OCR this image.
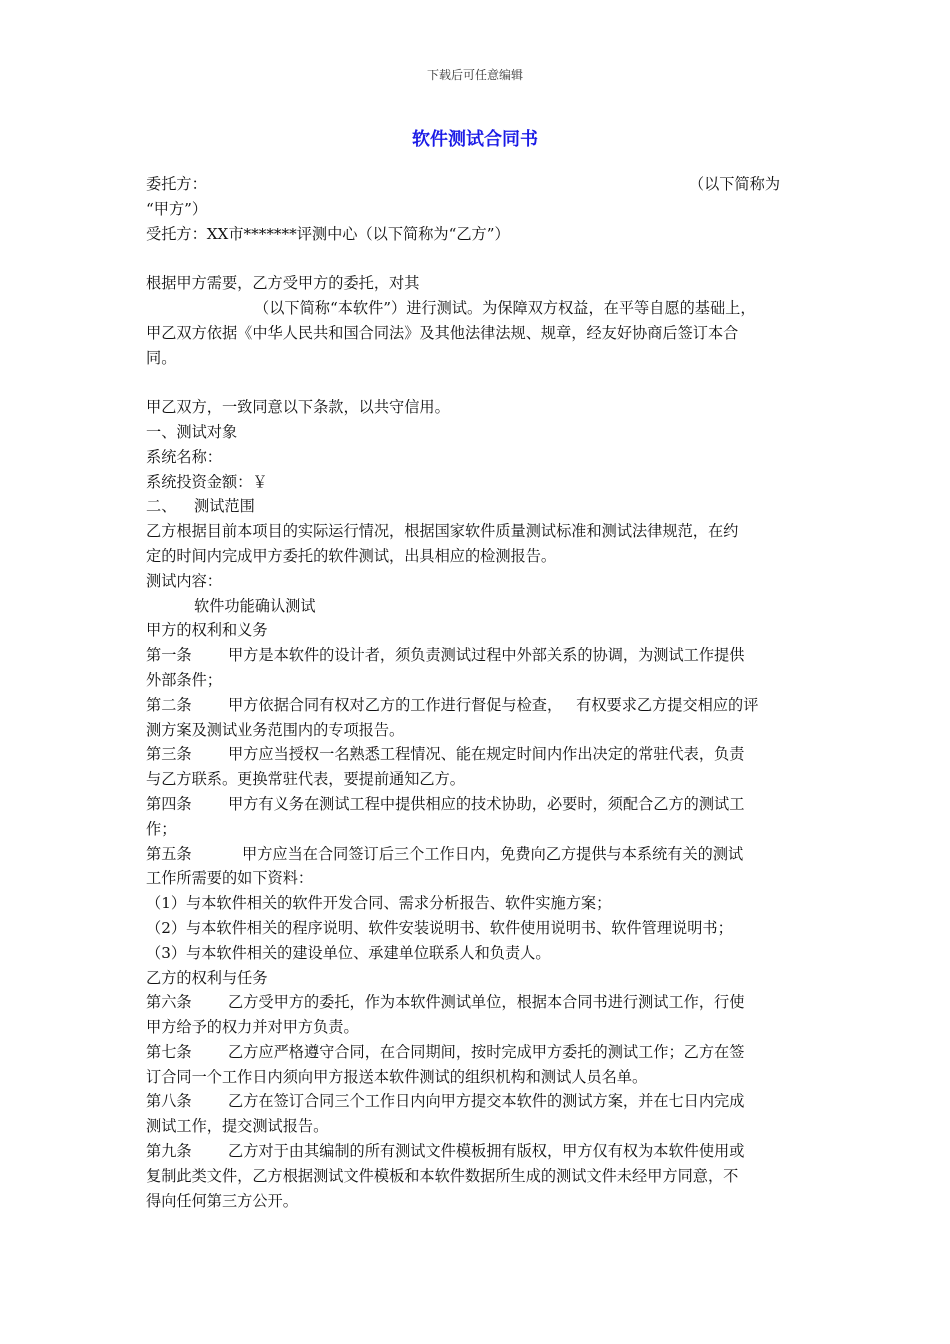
下载后可任意编辑
软件测试合同书
委托方：	（以下简称为
“甲方”）
受托方：XX市*******评测中心（以下简称为“乙方”）
根据甲方需要，乙方受甲方的委托，对其
（以下简称“本软件”）进行测试。为保障双方权益，在平等自愿的基础上，
甲乙双方依据《中华人民共和国合同法》及其他法律法规、规章，经友好协商后签订本合
同。
甲乙双方，一致同意以下条款，以共守信用。
一、测试对象
系统名称：
系统投资金额：￥
二、 测试范围
乙方根据目前本项目的实际运行情况，根据国家软件质量测试标准和测试法律规范，在约
定的时间内完成甲方委托的软件测试，出具相应的检测报告。
测试内容：
软件功能确认测试
甲方的权利和义务
第一条 甲方是本软件的设计者，须负责测试过程中外部关系的协调，为测试工作提供
外部条件；
第二条 甲方依据合同有权对乙方的工作进行督促与检查， 有权要求乙方提交相应的评
测方案及测试业务范围内的专项报告。
第三条 甲方应当授权一名熟悉工程情况、能在规定时间内作出决定的常驻代表，负责
与乙方联系。更换常驻代表，要提前通知乙方。
第四条 甲方有义务在测试工程中提供相应的技术协助，必要时，须配合乙方的测试工
作；
第五条	甲方应当在合同签订后三个工作日内，免费向乙方提供与本系统有关的测试
工作所需要的如下资料：
（1）与本软件相关的软件开发合同、需求分析报告、软件实施方案；
（2）与本软件相关的程序说明、软件安装说明书、软件使用说明书、软件管理说明书；
（3）与本软件相关的建设单位、承建单位联系人和负责人。
乙方的权利与任务
第六条 乙方受甲方的委托，作为本软件测试单位，根据本合同书进行测试工作，行使
甲方给予的权力并对甲方负责。
第七条 乙方应严格遵守合同，在合同期间，按时完成甲方委托的测试工作；乙方在签
订合同一个工作日内须向甲方报送本软件测试的组织机构和测试人员名单。
第八条 乙方在签订合同三个工作日内向甲方提交本软件的测试方案，并在七日内完成
测试工作，提交测试报告。
第九条 乙方对于由其编制的所有测试文件模板拥有版权，甲方仅有权为本软件使用或
复制此类文件，乙方根据测试文件模板和本软件数据所生成的测试文件未经甲方同意，不
得向任何第三方公开。
